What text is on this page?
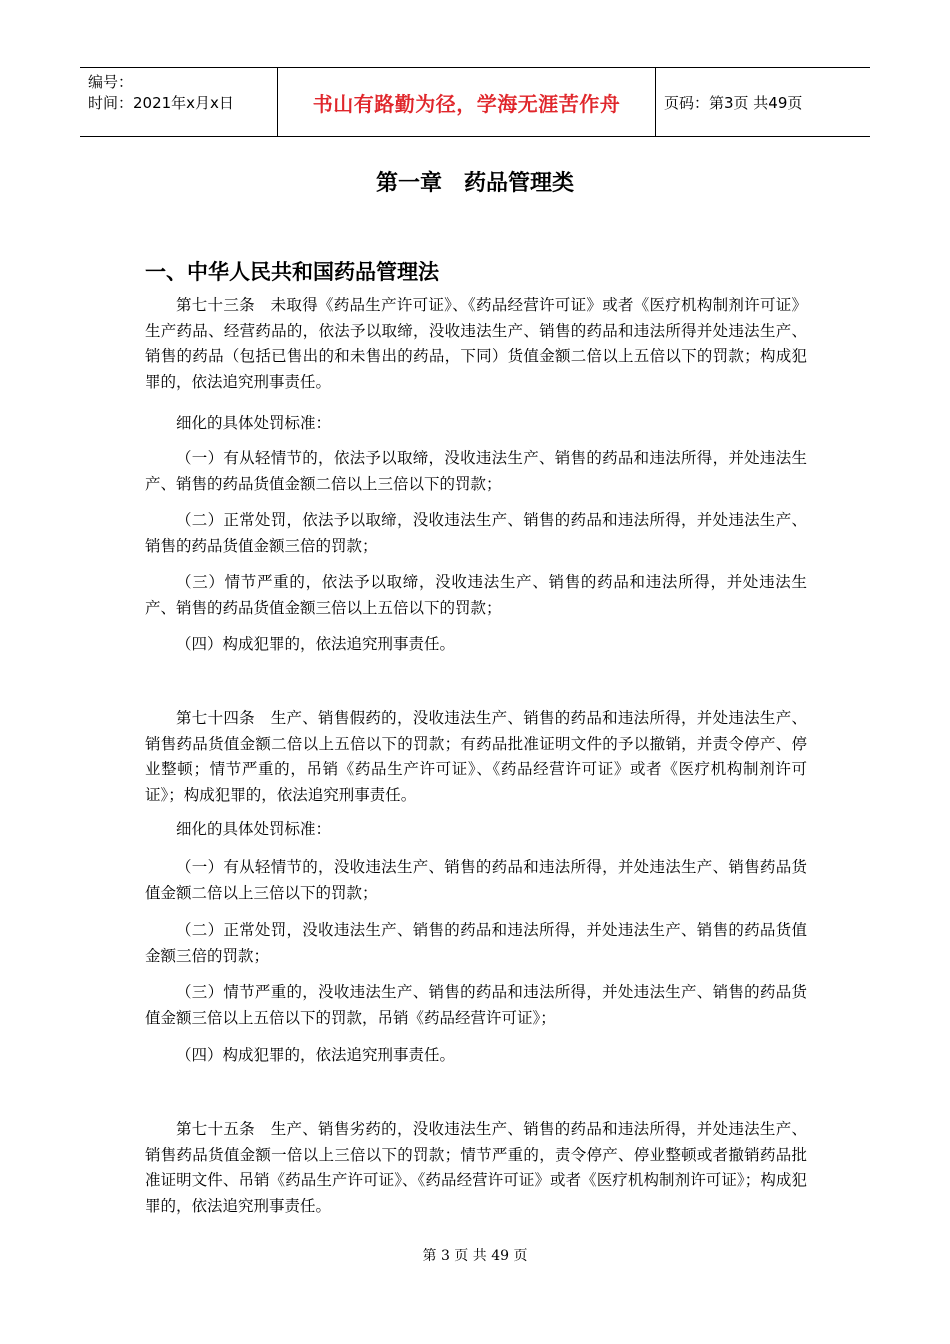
编号：
时间：2021年x月x日	书山有路勤为径，学海无涯苦作舟	页码：第3页 共49页
第一章　药品管理类
一、中华人民共和国药品管理法

第七十三条　未取得《药品生产许可证》、《药品经营许可证》或者《医疗机构制剂许可证》生产药品、经营药品的，依法予以取缔，没收违法生产、销售的药品和违法所得并处违法生产、销售的药品（包括已售出的和未售出的药品，下同）货值金额二倍以上五倍以下的罚款；构成犯罪的，依法追究刑事责任。

细化的具体处罚标准：

（一）有从轻情节的，依法予以取缔，没收违法生产、销售的药品和违法所得，并处违法生产、销售的药品货值金额二倍以上三倍以下的罚款；

（二）正常处罚，依法予以取缔，没收违法生产、销售的药品和违法所得，并处违法生产、销售的药品货值金额三倍的罚款；

（三）情节严重的，依法予以取缔，没收违法生产、销售的药品和违法所得，并处违法生产、销售的药品货值金额三倍以上五倍以下的罚款；

（四）构成犯罪的，依法追究刑事责任。

第七十四条　生产、销售假药的，没收违法生产、销售的药品和违法所得，并处违法生产、销售药品货值金额二倍以上五倍以下的罚款；有药品批准证明文件的予以撤销，并责令停产、停业整顿；情节严重的，吊销《药品生产许可证》、《药品经营许可证》或者《医疗机构制剂许可证》；构成犯罪的，依法追究刑事责任。

细化的具体处罚标准：

（一）有从轻情节的，没收违法生产、销售的药品和违法所得，并处违法生产、销售药品货值金额二倍以上三倍以下的罚款；

（二）正常处罚，没收违法生产、销售的药品和违法所得，并处违法生产、销售的药品货值金额三倍的罚款；

（三）情节严重的，没收违法生产、销售的药品和违法所得，并处违法生产、销售的药品货值金额三倍以上五倍以下的罚款，吊销《药品经营许可证》；

（四）构成犯罪的，依法追究刑事责任。

第七十五条　生产、销售劣药的，没收违法生产、销售的药品和违法所得，并处违法生产、销售药品货值金额一倍以上三倍以下的罚款；情节严重的，责令停产、停业整顿或者撤销药品批准证明文件、吊销《药品生产许可证》、《药品经营许可证》或者《医疗机构制剂许可证》；构成犯罪的，依法追究刑事责任。

第 3 页 共 49 页
